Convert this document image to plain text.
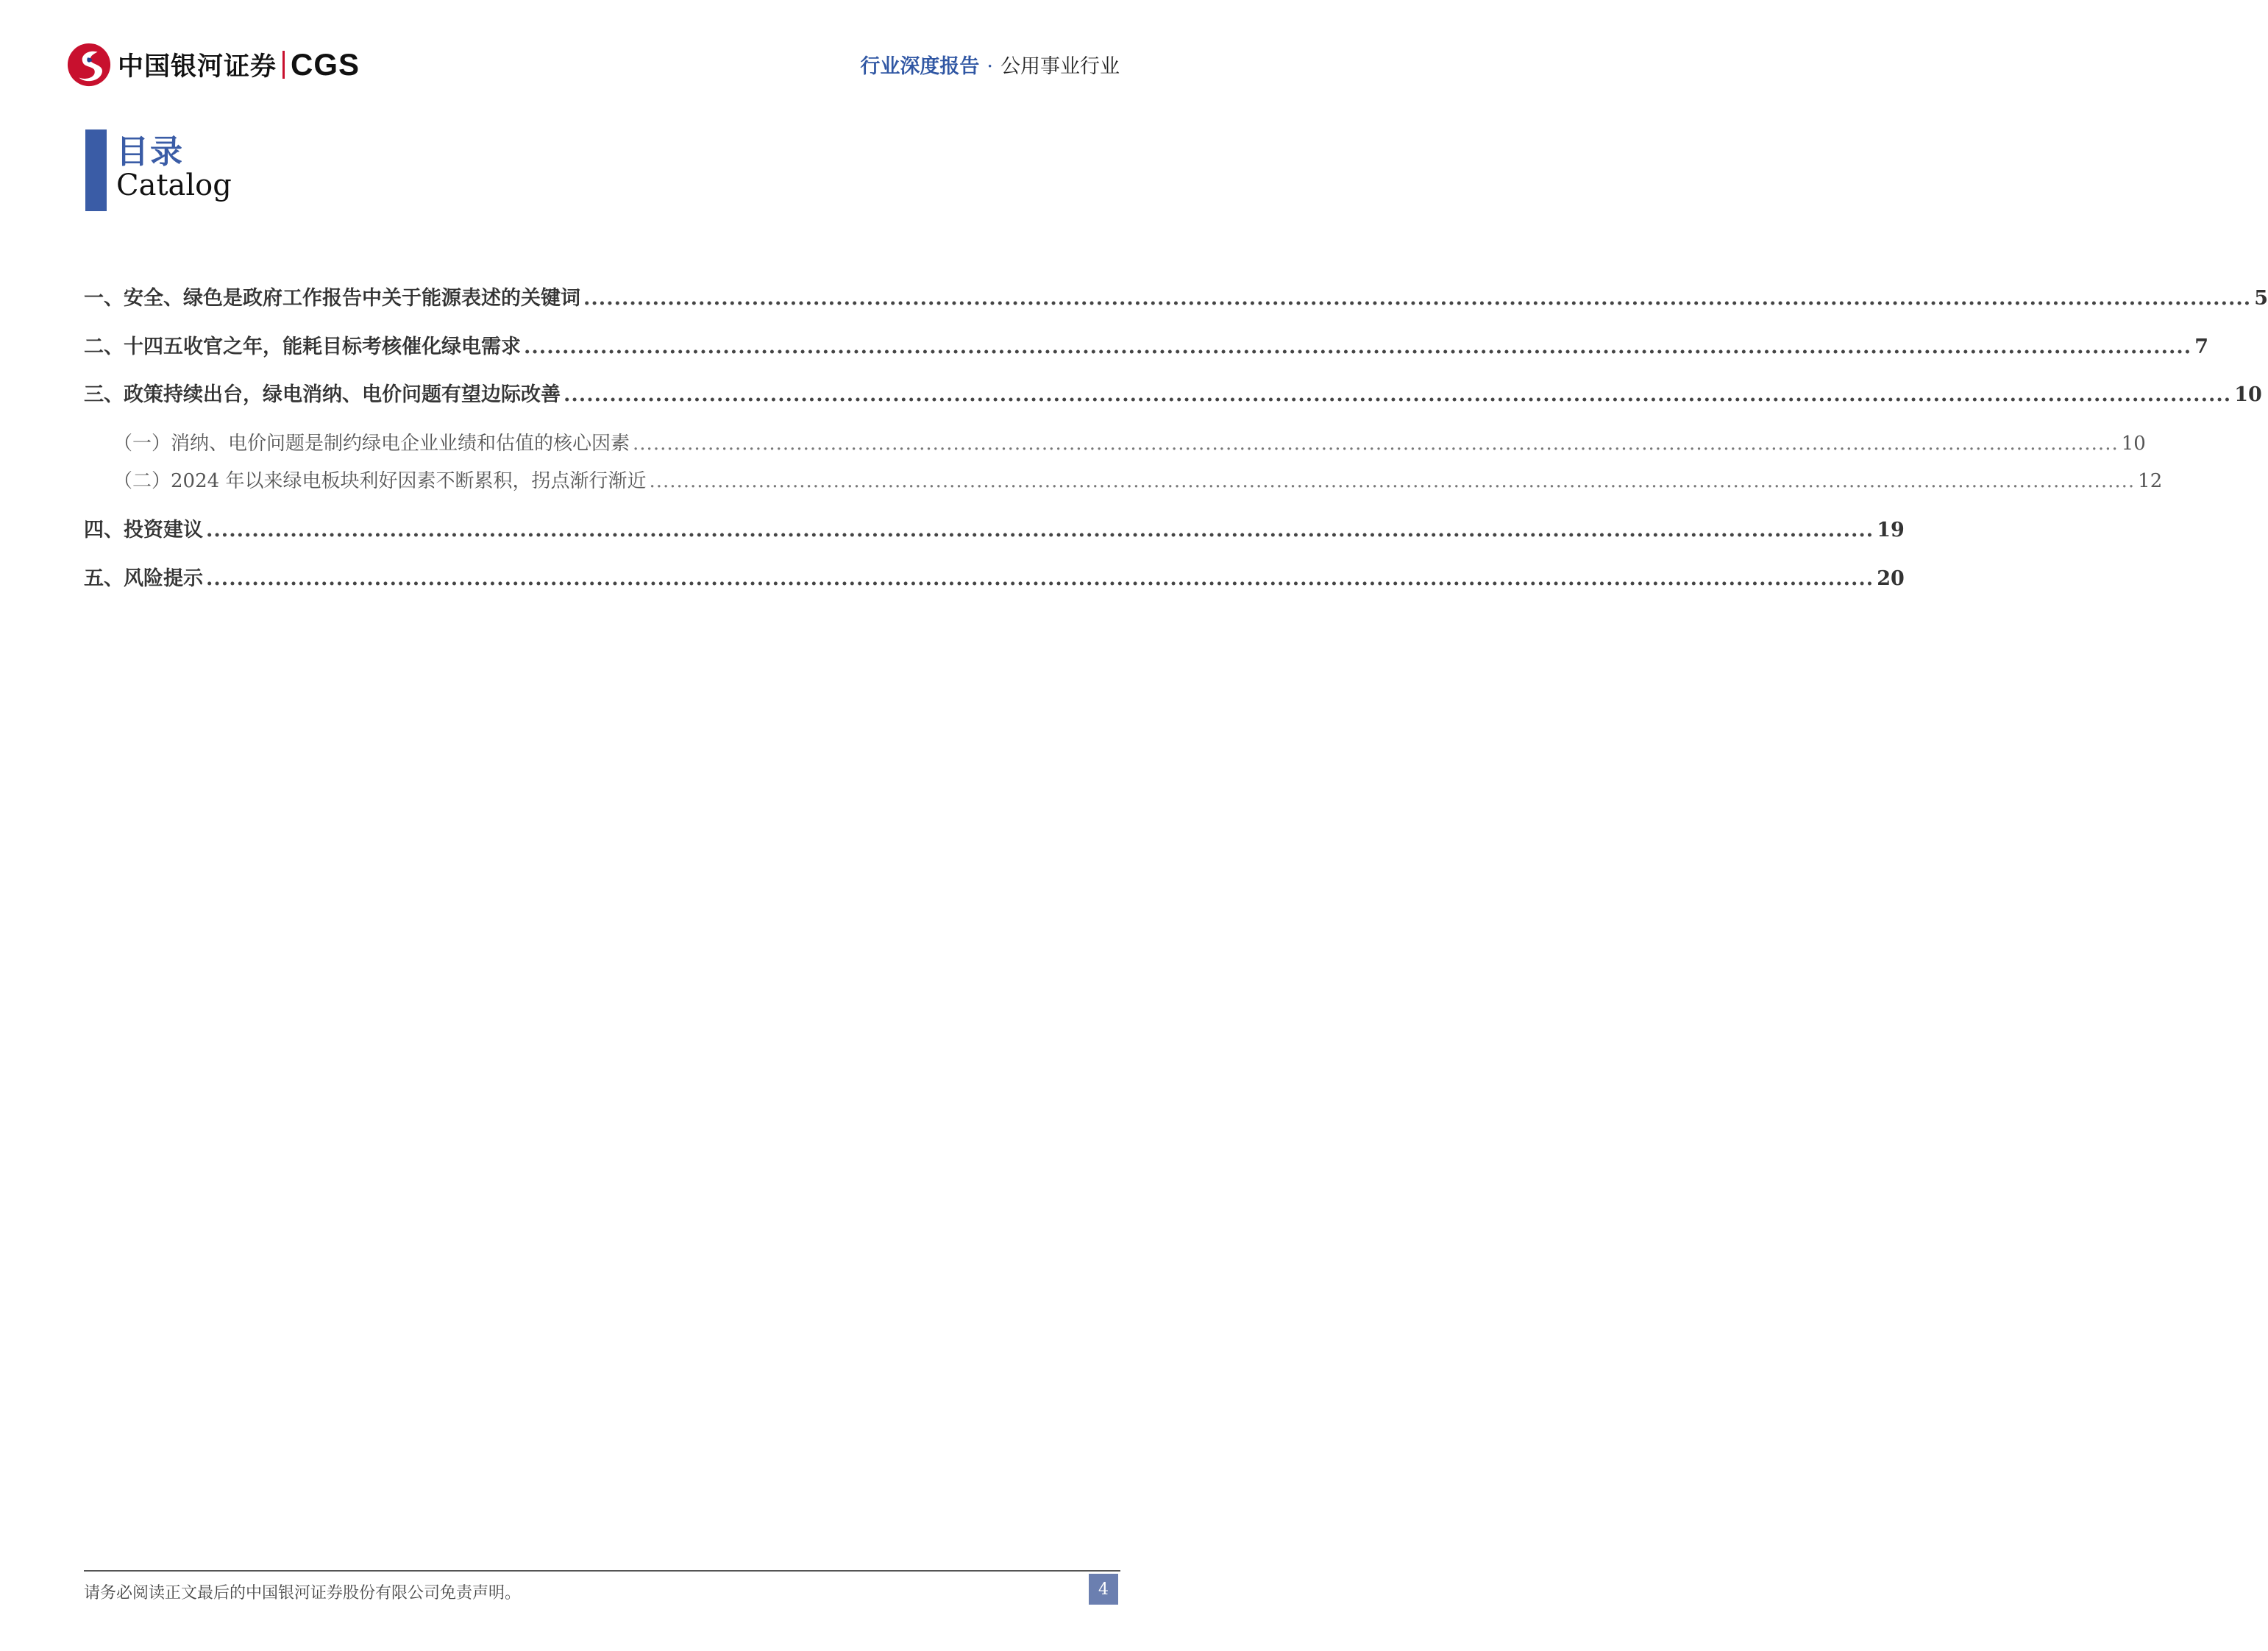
中国银河证券 CGS	行业深度报告 · 公用事业行业
目录
Catalog
一、 安全、绿色是政府工作报告中关于能源表述的关键词 .......................................................................................................................................................................................................................... 5
二、 十四五收官之年，能耗目标考核催化绿电需求 .......................................................................................................................................................................................................................... 7
三、 政策持续出台，绿电消纳、电价问题有望边际改善 .......................................................................................................................................................................................................................... 10
（一） 消纳、电价问题是制约绿电企业业绩和估值的核心因素 .......................................................................................................................................................................................................................... 10
（二） 2024 年以来绿电板块利好因素不断累积，拐点渐行渐近 .......................................................................................................................................................................................................................... 12
四、 投资建议 .......................................................................................................................................................................................................................... 19
五、 风险提示 .......................................................................................................................................................................................................................... 20
请务必阅读正文最后的中国银河证券股份有限公司免责声明。	4
